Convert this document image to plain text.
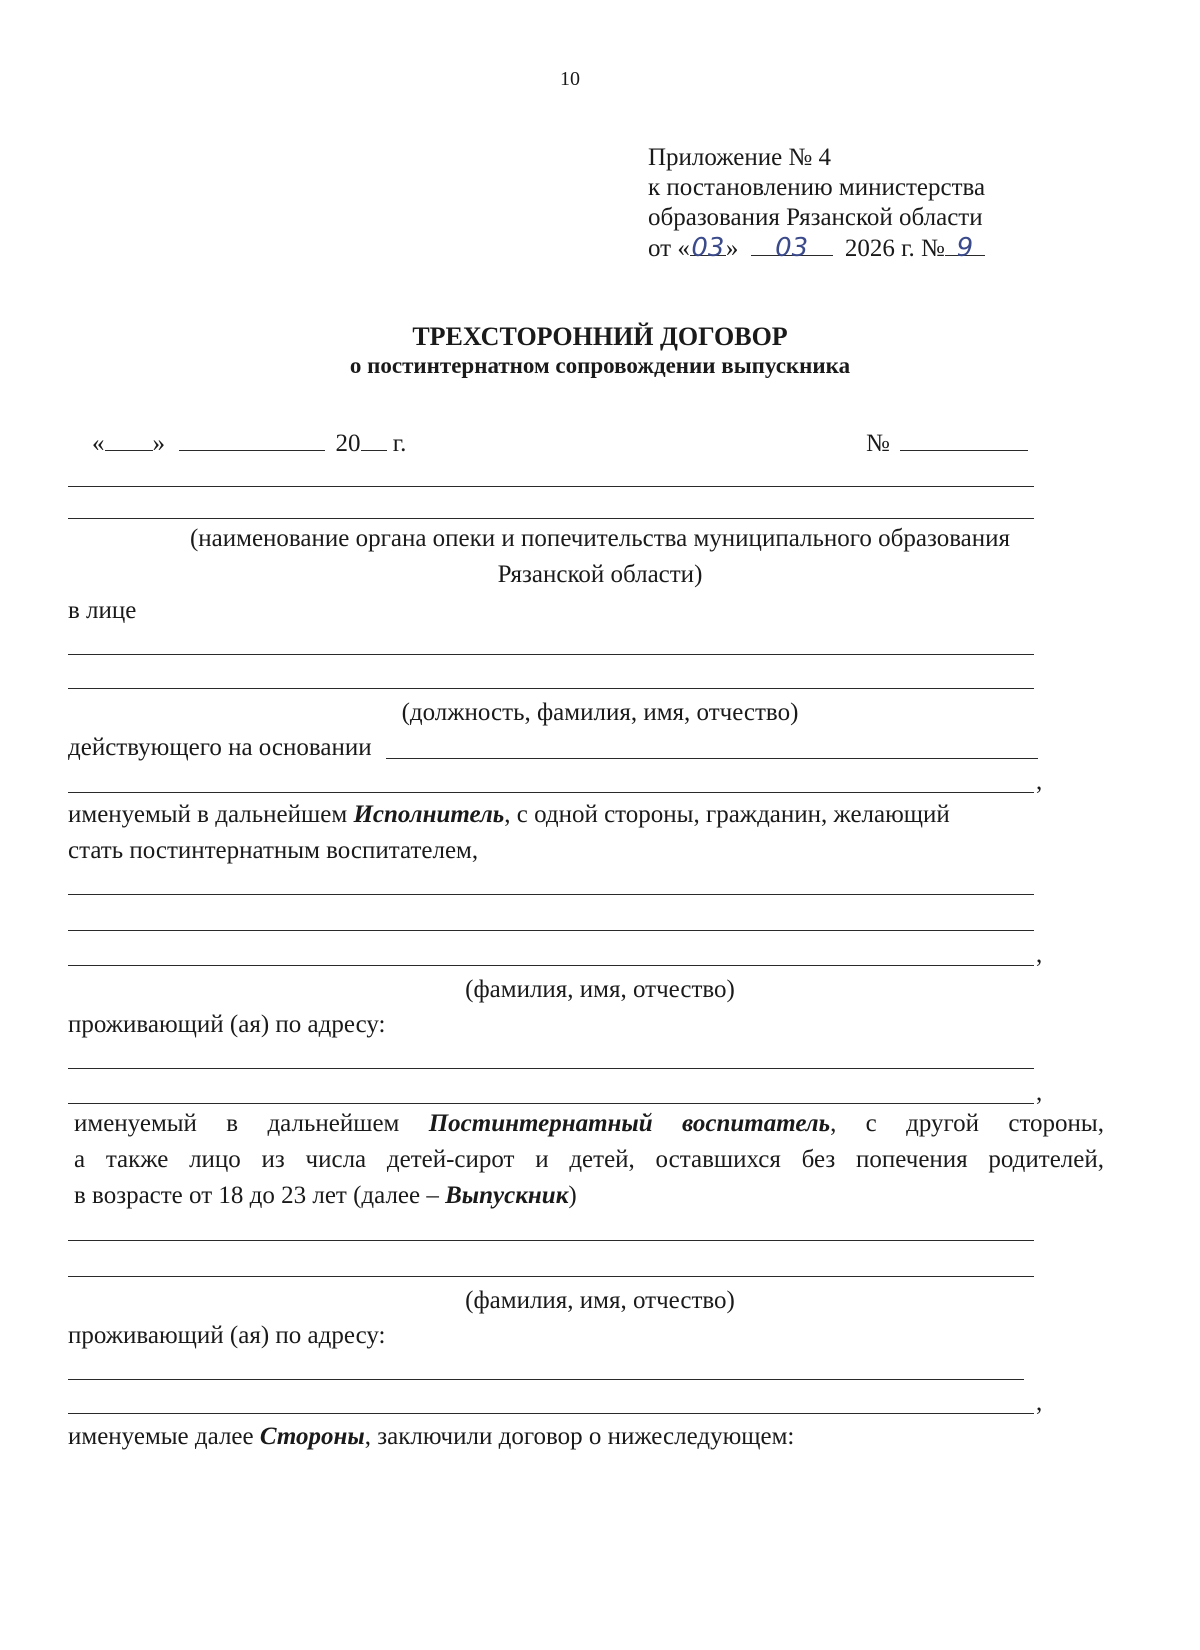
10
Приложение № 4
к постановлению министерства
образования Рязанской области
от «03» 03 2026 г. № 9
ТРЕХСТОРОННИЙ ДОГОВОР
о постинтернатном сопровождении выпускника
« »	20 г.	№
(наименование органа опеки и попечительства муниципального образования
Рязанской области)
в лице
(должность, фамилия, имя, отчество)
действующего на основании
,
именуемый в дальнейшем Исполнитель, с одной стороны, гражданин, желающий
стать постинтернатным воспитателем,
,
(фамилия, имя, отчество)
проживающий (ая) по адресу:
,
именуемый в дальнейшем Постинтернатный воспитатель, с другой стороны,
а также лицо из числа детей-сирот и детей, оставшихся без попечения родителей,
в возрасте от 18 до 23 лет (далее – Выпускник)
(фамилия, имя, отчество)
проживающий (ая) по адресу:
,
именуемые далее Стороны, заключили договор о нижеследующем:
